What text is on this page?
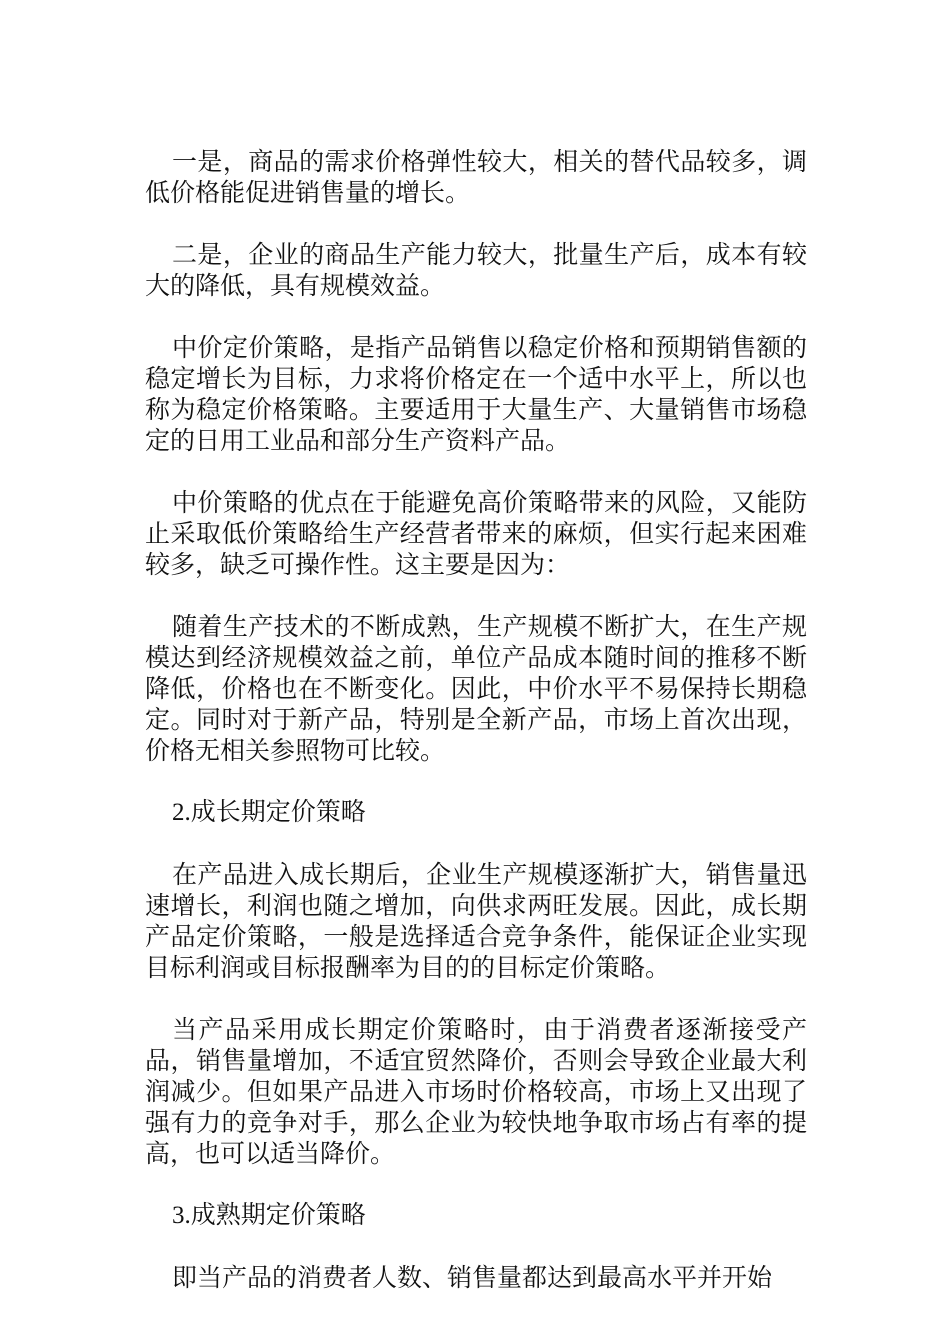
一是，商品的需求价格弹性较大，相关的替代品较多，调低价格能促进销售量的增长。

二是，企业的商品生产能力较大，批量生产后，成本有较大的降低，具有规模效益。

中价定价策略，是指产品销售以稳定价格和预期销售额的稳定增长为目标，力求将价格定在一个适中水平上，所以也称为稳定价格策略。主要适用于大量生产、大量销售市场稳定的日用工业品和部分生产资料产品。

中价策略的优点在于能避免高价策略带来的风险，又能防止采取低价策略给生产经营者带来的麻烦，但实行起来困难较多，缺乏可操作性。这主要是因为：

随着生产技术的不断成熟，生产规模不断扩大，在生产规模达到经济规模效益之前，单位产品成本随时间的推移不断降低，价格也在不断变化。因此，中价水平不易保持长期稳定。同时对于新产品，特别是全新产品，市场上首次出现，价格无相关参照物可比较。

2.成长期定价策略

在产品进入成长期后，企业生产规模逐渐扩大，销售量迅速增长，利润也随之增加，向供求两旺发展。因此，成长期产品定价策略，一般是选择适合竞争条件，能保证企业实现目标利润或目标报酬率为目的的目标定价策略。

当产品采用成长期定价策略时，由于消费者逐渐接受产品，销售量增加，不适宜贸然降价，否则会导致企业最大利润减少。但如果产品进入市场时价格较高，市场上又出现了强有力的竞争对手，那么企业为较快地争取市场占有率的提高，也可以适当降价。

3.成熟期定价策略

即当产品的消费者人数、销售量都达到最高水平并开始
